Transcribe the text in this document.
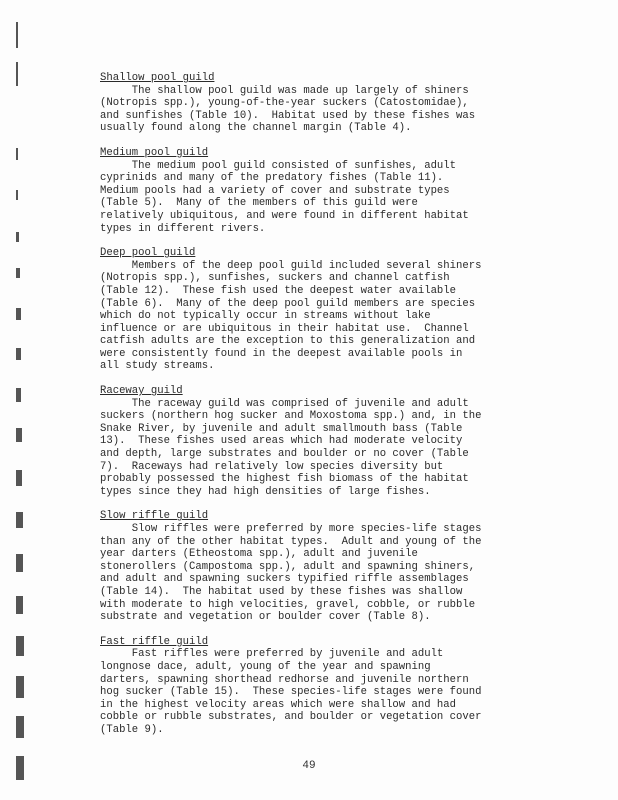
Shallow pool guild

The shallow pool guild was made up largely of shiners

(Notropis spp.), young-of-the-year suckers (Catostomidae),

and sunfishes (Table 10).  Habitat used by these fishes was

usually found along the channel margin (Table 4).

Medium pool guild

The medium pool guild consisted of sunfishes, adult

cyprinids and many of the predatory fishes (Table 11).

Medium pools had a variety of cover and substrate types

(Table 5).  Many of the members of this guild were

relatively ubiquitous, and were found in different habitat

types in different rivers.

Deep pool guild

Members of the deep pool guild included several shiners

(Notropis spp.), sunfishes, suckers and channel catfish

(Table 12).  These fish used the deepest water available

(Table 6).  Many of the deep pool guild members are species

which do not typically occur in streams without lake

influence or are ubiquitous in their habitat use.  Channel

catfish adults are the exception to this generalization and

were consistently found in the deepest available pools in

all study streams.

Raceway guild

The raceway guild was comprised of juvenile and adult

suckers (northern hog sucker and Moxostoma spp.) and, in the

Snake River, by juvenile and adult smallmouth bass (Table

13).  These fishes used areas which had moderate velocity

and depth, large substrates and boulder or no cover (Table

7).  Raceways had relatively low species diversity but

probably possessed the highest fish biomass of the habitat

types since they had high densities of large fishes.

Slow riffle guild

Slow riffles were preferred by more species-life stages

than any of the other habitat types.  Adult and young of the

year darters (Etheostoma spp.), adult and juvenile

stonerollers (Campostoma spp.), adult and spawning shiners,

and adult and spawning suckers typified riffle assemblages

(Table 14).  The habitat used by these fishes was shallow

with moderate to high velocities, gravel, cobble, or rubble

substrate and vegetation or boulder cover (Table 8).

Fast riffle guild

Fast riffles were preferred by juvenile and adult

longnose dace, adult, young of the year and spawning

darters, spawning shorthead redhorse and juvenile northern

hog sucker (Table 15).  These species-life stages were found

in the highest velocity areas which were shallow and had

cobble or rubble substrates, and boulder or vegetation cover

(Table 9).

49
